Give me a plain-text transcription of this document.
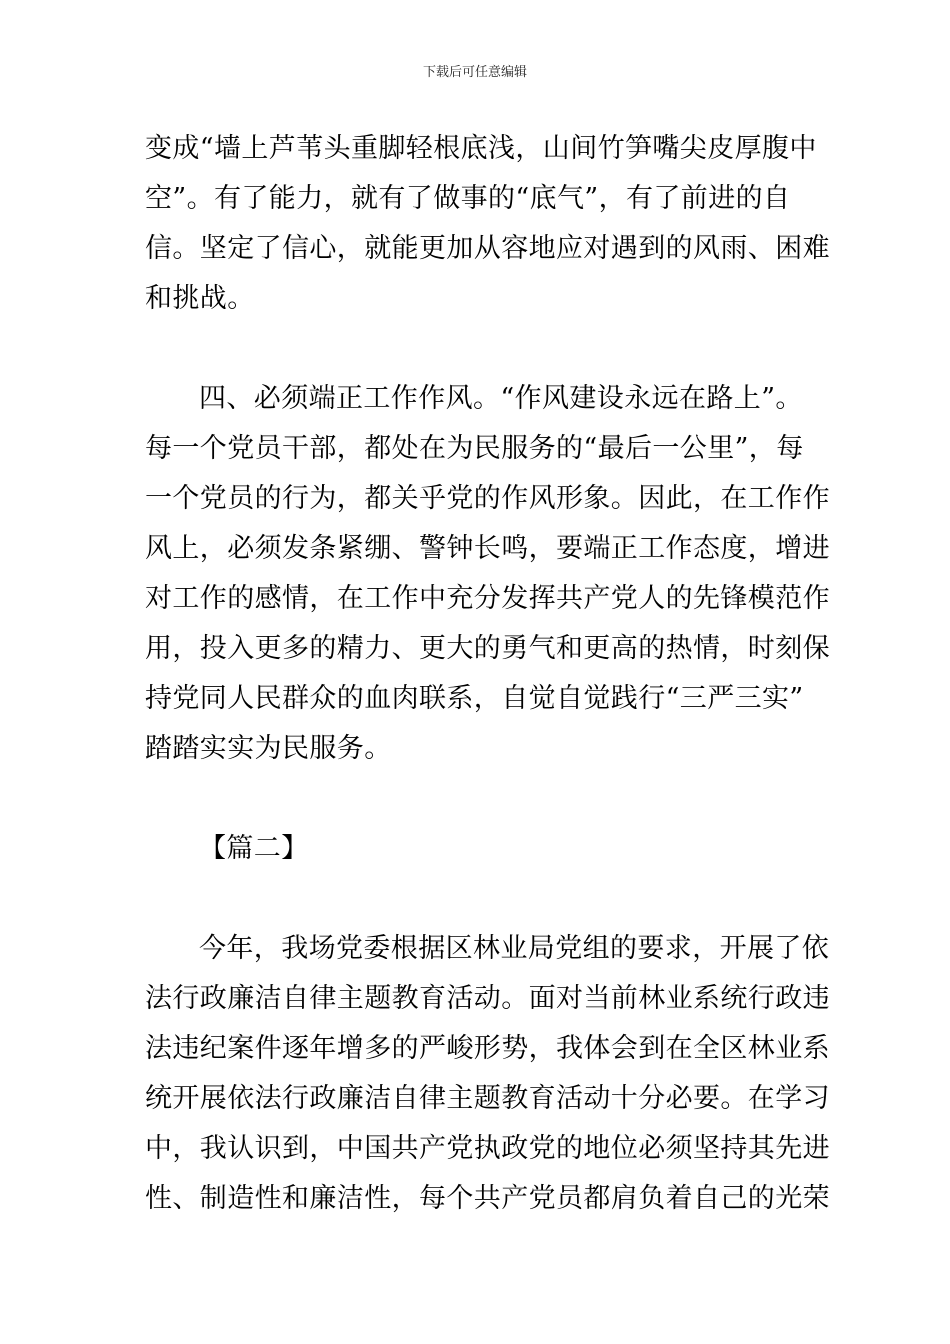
下载后可任意编辑
变成“墙上芦苇头重脚轻根底浅，山间竹笋嘴尖皮厚腹中
空”。有了能力，就有了做事的“底气”，有了前进的自
信。坚定了信心，就能更加从容地应对遇到的风雨、困难
和挑战。
四、必须端正工作作风。“作风建设永远在路上”。
每一个党员干部，都处在为民服务的“最后一公里”，每
一个党员的行为，都关乎党的作风形象。因此，在工作作
风上，必须发条紧绷、警钟长鸣，要端正工作态度，增进
对工作的感情，在工作中充分发挥共产党人的先锋模范作
用，投入更多的精力、更大的勇气和更高的热情，时刻保
持党同人民群众的血肉联系，自觉自觉践行“三严三实”
踏踏实实为民服务。
【篇二】
今年，我场党委根据区林业局党组的要求，开展了依
法行政廉洁自律主题教育活动。面对当前林业系统行政违
法违纪案件逐年增多的严峻形势，我体会到在全区林业系
统开展依法行政廉洁自律主题教育活动十分必要。在学习
中，我认识到，中国共产党执政党的地位必须坚持其先进
性、制造性和廉洁性，每个共产党员都肩负着自己的光荣
